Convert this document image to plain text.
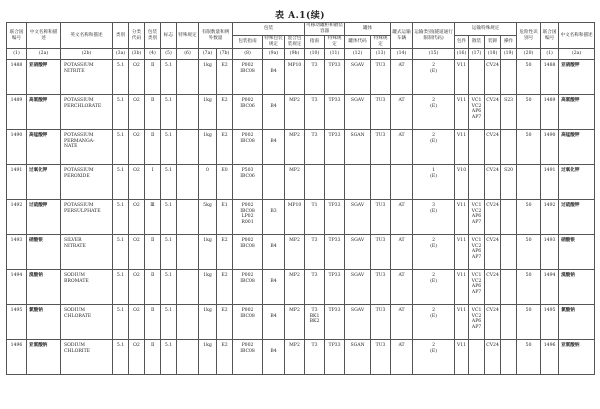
表 A.1(续)
联合国编号	中文名称和描述	英文名称和描述	类别	分类代码	包装类别	标志	特殊规定	有限数量和例外数量		包装			可移动罐柜和散装容器		罐体		罐式运输车辆	运输类别(隧道通行限制代码)	运输特殊规定				危险性识别号	联合国编号	中文名称和描述
										包装指南	特殊包装规定	混合包装规定	指南	特殊规定	罐体代码	特殊规定			包件	散装	装卸	操作			
(1)	(2a)	(2b)	(3a)	(3b)	(4)	(5)	(6)	(7a)	(7b)	(8)	(9a)	(9b)	(10)	(11)	(12)	(13)	(14)	(15)	(16)	(17)	(18)	(19)	(20)	(1)	(2a)
1488	亚硝酸钾	POTASSIUM
NITRITE	5.1	O2	Ⅱ	5.1		1kg	E2	P002
IBC08	
B4	MP10	T3	TP33	SGAV	TU3	AT	2
(E)	V11		CV24		50	1488	亚硝酸钾
1489	高氯酸钾	POTASSIUM
PERCHLORATE	5.1	O2	Ⅱ	5.1		1kg	E2	P002
IBC06	
B4	MP2	T3	TP33	SGAV	TU3	AT	2
(E)	V11	VC1
VC2
AP6
AP7	CV24	S23	50	1489	高氯酸钾
1490	高锰酸钾	POTASSIUM
PERMANGA-
NATE	5.1	O2	Ⅱ	5.1		1kg	E2	P002
IBC08	
B4	MP2	T3	TP33	SGAN	TU3	AT	2
(E)	V11		CV24		50	1490	高锰酸钾
1491	过氧化钾	POTASSIUM
PEROXIDE	5.1	O2	Ⅰ	5.1		0	E0	P503
IBC06		MP2						1
(E)	V10		CV24	S20		1491	过氧化钾
1492	过硫酸钾	POTASSIUM
PERSULPHATE	5.1	O2	Ⅲ	5.1		5kg	E1	P002
IBC08
LP02
R001	
B3	MP10	T1	TP33	SGAV	TU3	AT	3
(E)	V11	VC1
VC2
AP6
AP7	CV24		50	1492	过硫酸钾
1493	硝酸银	SILVER
NITRATE	5.1	O2	Ⅱ	5.1		1kg	E2	P002
IBC08	
B4	MP2	T3	TP33	SGAV	TU3	AT	2
(E)	V11	VC1
VC2
AP6
AP7	CV24		50	1493	硝酸银
1494	溴酸钠	SODIUM
BROMATE	5.1	O2	Ⅱ	5.1		1kg	E2	P002
IBC08	
B4	MP2	T3	TP33	SGAV	TU3	AT	2
(E)	V11	VC1
VC2
AP6
AP7	CV24		50	1494	溴酸钠
1495	氯酸钠	SODIUM
CHLORATE	5.1	O2	Ⅱ	5.1		1kg	E2	P002
IBC08	
B4	MP2	T3
BK1
BK2	TP33	SGAV	TU3	AT	2
(E)	V11	VC1
VC2
AP6
AP7	CV24		50	1495	氯酸钠
1496	亚氯酸钠	SODIUM
CHLORITE	5.1	O2	Ⅱ	5.1		1kg	E2	P002
IBC08	
B4	MP2	T3	TP33	SGAN	TU3	AT	2
(E)	V11		CV24		50	1496	亚氯酸钠
